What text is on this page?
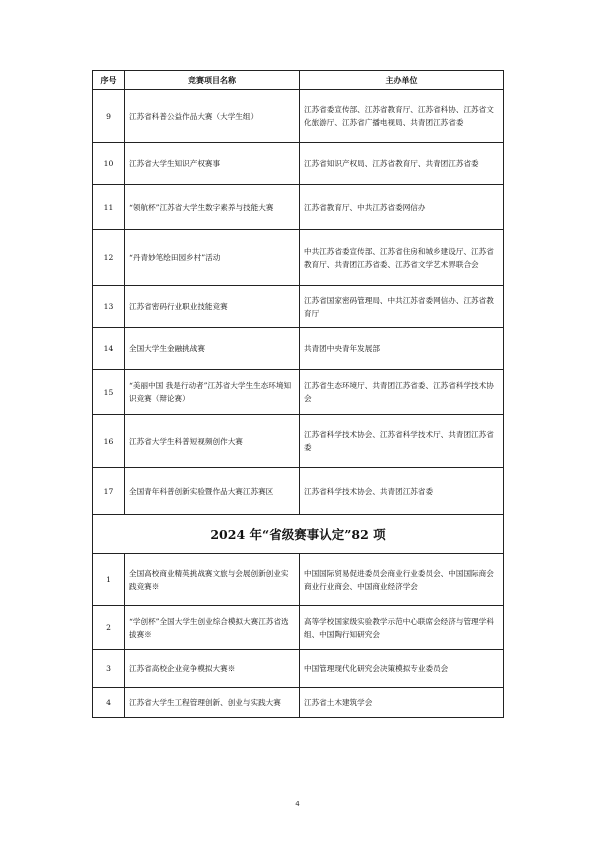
序号	竞赛项目名称	主办单位
9	江苏省科普公益作品大赛（大学生组）	江苏省委宣传部、江苏省教育厅、江苏省科协、江苏省文化旅游厅、江苏省广播电视局、共青团江苏省委
10	江苏省大学生知识产权赛事	江苏省知识产权局、江苏省教育厅、共青团江苏省委
11	“领航杯”江苏省大学生数字素养与技能大赛	江苏省教育厅、中共江苏省委网信办
12	“丹青妙笔绘田园乡村”活动	中共江苏省委宣传部、江苏省住房和城乡建设厅、江苏省教育厅、共青团江苏省委、江苏省文学艺术界联合会
13	江苏省密码行业职业技能竞赛	江苏省国家密码管理局、中共江苏省委网信办、江苏省教育厅
14	全国大学生金融挑战赛	共青团中央青年发展部
15	“美丽中国 我是行动者”江苏省大学生生态环境知识竞赛（辩论赛）	江苏省生态环境厅、共青团江苏省委、江苏省科学技术协会
16	江苏省大学生科普短视频创作大赛	江苏省科学技术协会、江苏省科学技术厅、共青团江苏省委
17	全国青年科普创新实验暨作品大赛江苏赛区	江苏省科学技术协会、共青团江苏省委
2024 年“省级赛事认定”82 项		
1	全国高校商业精英挑战赛文旅与会展创新创业实践竞赛※	中国国际贸易促进委员会商业行业委员会、中国国际商会商业行业商会、中国商业经济学会
2	“学创杯”全国大学生创业综合模拟大赛江苏省选拔赛※	高等学校国家级实验教学示范中心联席会经济与管理学科组、中国陶行知研究会
3	江苏省高校企业竞争模拟大赛※	中国管理现代化研究会决策模拟专业委员会
4	江苏省大学生工程管理创新、创业与实践大赛	江苏省土木建筑学会
4
